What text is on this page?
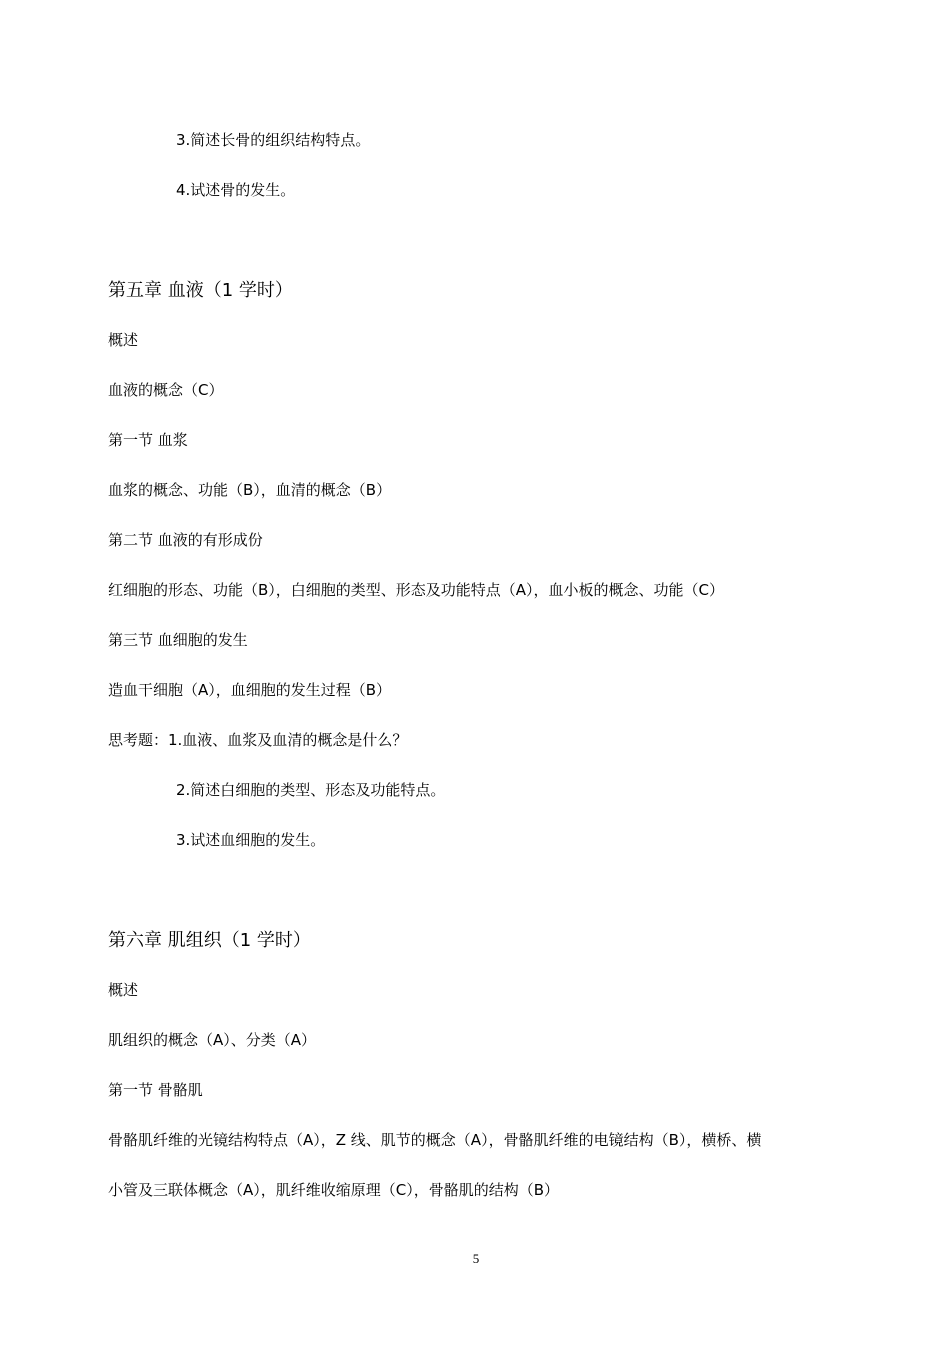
3.简述长骨的组织结构特点。
4.试述骨的发生。
第五章 血液（1 学时）
概述
血液的概念（C）
第一节 血浆
血浆的概念、功能（B），血清的概念（B）
第二节 血液的有形成份
红细胞的形态、功能（B），白细胞的类型、形态及功能特点（A），血小板的概念、功能（C）
第三节 血细胞的发生
造血干细胞（A），血细胞的发生过程（B）
思考题：1.血液、血浆及血清的概念是什么？
2.简述白细胞的类型、形态及功能特点。
3.试述血细胞的发生。
第六章 肌组织（1 学时）
概述
肌组织的概念（A）、分类（A）
第一节 骨骼肌
骨骼肌纤维的光镜结构特点（A），Z 线、肌节的概念（A），骨骼肌纤维的电镜结构（B），横桥、横
小管及三联体概念（A），肌纤维收缩原理（C），骨骼肌的结构（B）
5
